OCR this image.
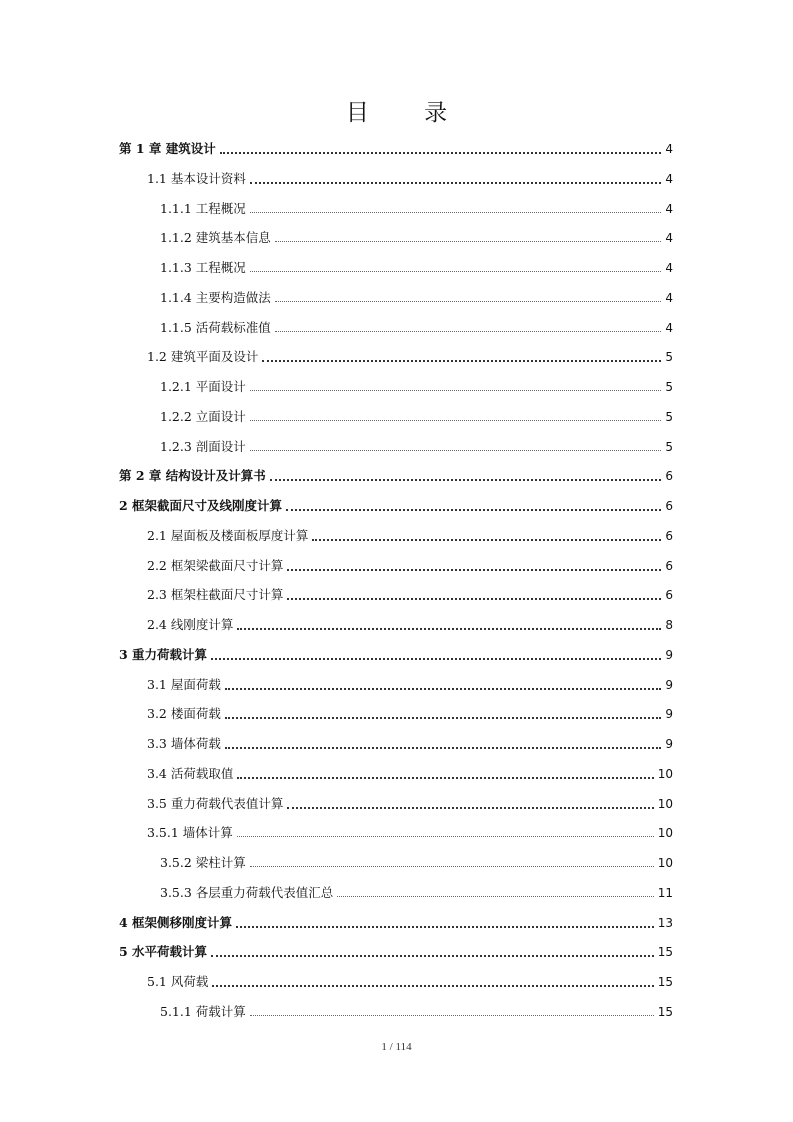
目 录
第 1 章 建筑设计	4
1.1 基本设计资料	4
1.1.1 工程概况	4
1.1.2 建筑基本信息	4
1.1.3 工程概况	4
1.1.4 主要构造做法	4
1.1.5 活荷载标准值	4
1.2 建筑平面及设计	5
1.2.1 平面设计	5
1.2.2 立面设计	5
1.2.3 剖面设计	5
第 2 章 结构设计及计算书	6
2 框架截面尺寸及线刚度计算	6
2.1 屋面板及楼面板厚度计算	6
2.2 框架梁截面尺寸计算	6
2.3 框架柱截面尺寸计算	6
2.4 线刚度计算	8
3 重力荷载计算	9
3.1 屋面荷载	9
3.2 楼面荷载	9
3.3 墙体荷载	9
3.4 活荷载取值	10
3.5 重力荷载代表值计算	10
3.5.1 墙体计算	10
3.5.2 梁柱计算	10
3.5.3 各层重力荷载代表值汇总	11
4 框架侧移刚度计算	13
5 水平荷载计算	15
5.1 风荷载	15
5.1.1 荷载计算	15
1 / 114
